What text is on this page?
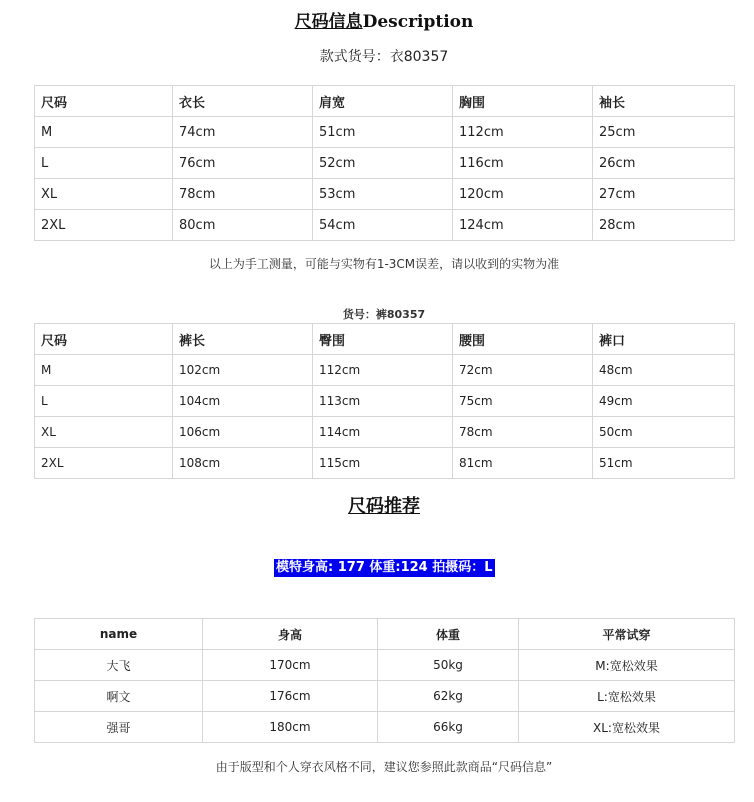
尺码信息Description
款式货号：衣80357
尺码	衣长	肩宽	胸围	袖长
M	74cm	51cm	112cm	25cm
L	76cm	52cm	116cm	26cm
XL	78cm	53cm	120cm	27cm
2XL	80cm	54cm	124cm	28cm
以上为手工测量，可能与实物有1-3CM误差，请以收到的实物为准
货号：裤80357
尺码	裤长	臀围	腰围	裤口
M	102cm	112cm	72cm	48cm
L	104cm	113cm	75cm	49cm
XL	106cm	114cm	78cm	50cm
2XL	108cm	115cm	81cm	51cm
尺码推荐
模特身高: 177 体重:124 拍摄码：L
name	身高	体重	平常试穿
大飞	170cm	50kg	M:宽松效果
啊文	176cm	62kg	L:宽松效果
强哥	180cm	66kg	XL:宽松效果
由于版型和个人穿衣风格不同，建议您参照此款商品“尺码信息”
